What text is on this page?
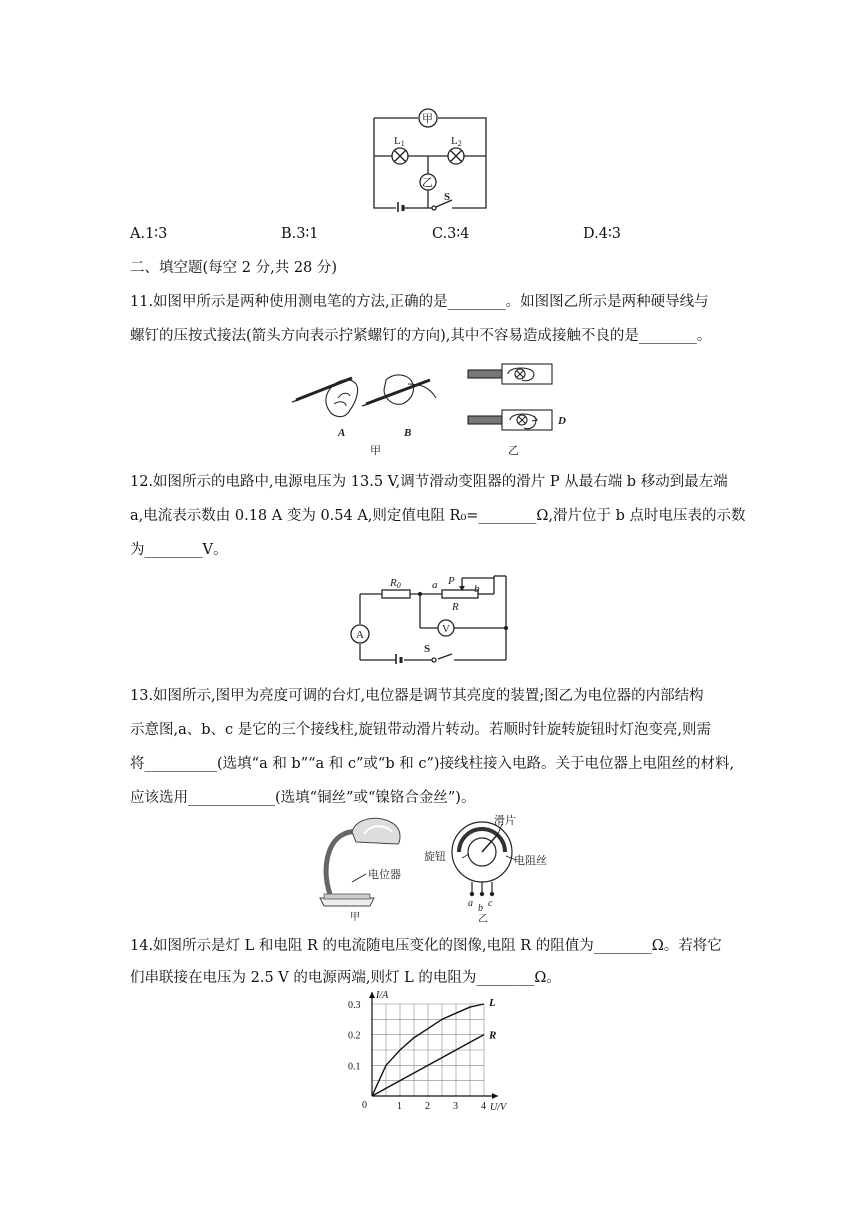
甲
乙
L1	L2
S
A.1∶3	B.3∶1	C.3∶4	D.4∶3
二、填空题(每空 2 分,共 28 分)
11.如图甲所示是两种使用测电笔的方法,正确的是________。如图图乙所示是两种硬导线与
螺钉的压按式接法(箭头方向表示拧紧螺钉的方向),其中不容易造成接触不良的是________。
A	B
D
甲	乙
12.如图所示的电路中,电源电压为 13.5 V,调节滑动变阻器的滑片 P 从最右端 b 移动到最左端
a,电流表示数由 0.18 A 变为 0.54 A,则定值电阻 R₀=________Ω,滑片位于 b 点时电压表的示数
为________V。
R0	a P
b
R
A	V
S
13.如图所示,图甲为亮度可调的台灯,电位器是调节其亮度的装置;图乙为电位器的内部结构
示意图,a、b、c 是它的三个接线柱,旋钮带动滑片转动。若顺时针旋转旋钮时灯泡变亮,则需
将__________(选填“a 和 b”“a 和 c”或“b 和 c”)接线柱接入电路。关于电位器上电阻丝的材料,
应该选用____________(选填“铜丝”或“镍铬合金丝”)。
电位器
甲
滑片
旋钮	电阻丝
a b c
乙
14.如图所示是灯 L 和电阻 R 的电流随电压变化的图像,电阻 R 的阻值为________Ω。若将它
们串联接在电压为 2.5 V 的电源两端,则灯 L 的电阻为________Ω。
1 2 3 4
0.1
0.2
0.3
0	U/V
I/A
L
R
